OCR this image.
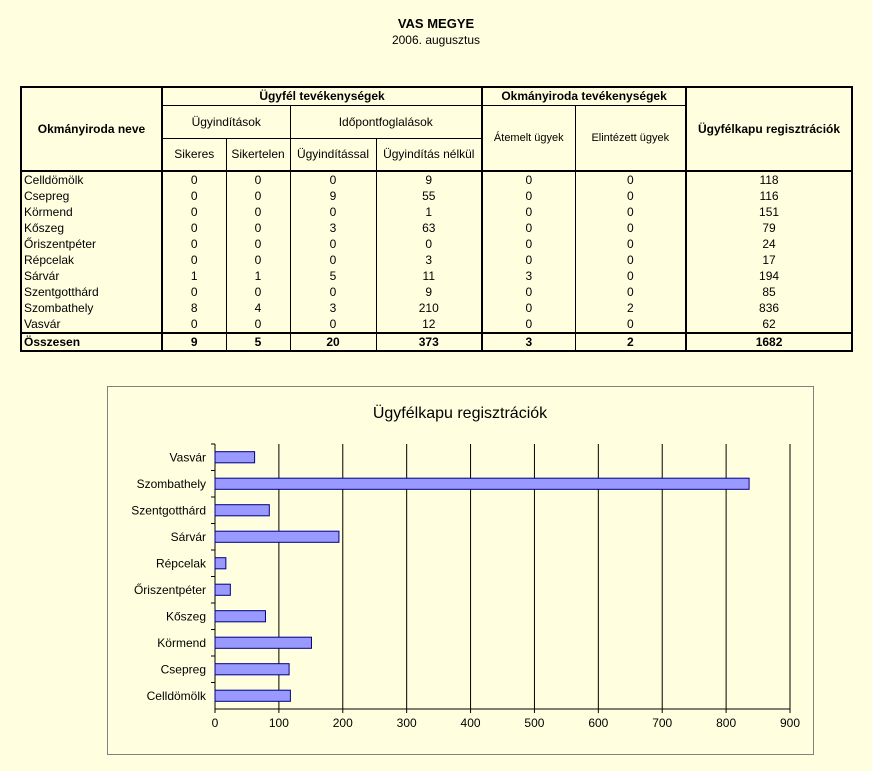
VAS MEGYE
2006. augusztus
Okmányiroda neve	Ügyfél tevékenységek				Okmányiroda tevékenységek		Ügyfélkapu regisztrációk
	Ügyindítások		Időpontfoglalások		Átemelt ügyek	Elintézett ügyek	
	Sikeres	Sikertelen	Ügyindítással	Ügyindítás nélkül			
Celldömölk	0	0	0	9	0	0	118
Csepreg	0	0	9	55	0	0	116
Körmend	0	0	0	1	0	0	151
Kőszeg	0	0	3	63	0	0	79
Őriszentpéter	0	0	0	0	0	0	24
Répcelak	0	0	0	3	0	0	17
Sárvár	1	1	5	11	3	0	194
Szentgotthárd	0	0	0	9	0	0	85
Szombathely	8	4	3	210	0	2	836
Vasvár	0	0	0	12	0	0	62
Összesen	9	5	20	373	3	2	1682
Ügyfélkapu regisztrációk
0	100	200	300	400	500	600	700	800	900
Vasvár
Szombathely
Szentgotthárd
Sárvár
Répcelak
Őriszentpéter
Kőszeg
Körmend
Csepreg
Celldömölk
